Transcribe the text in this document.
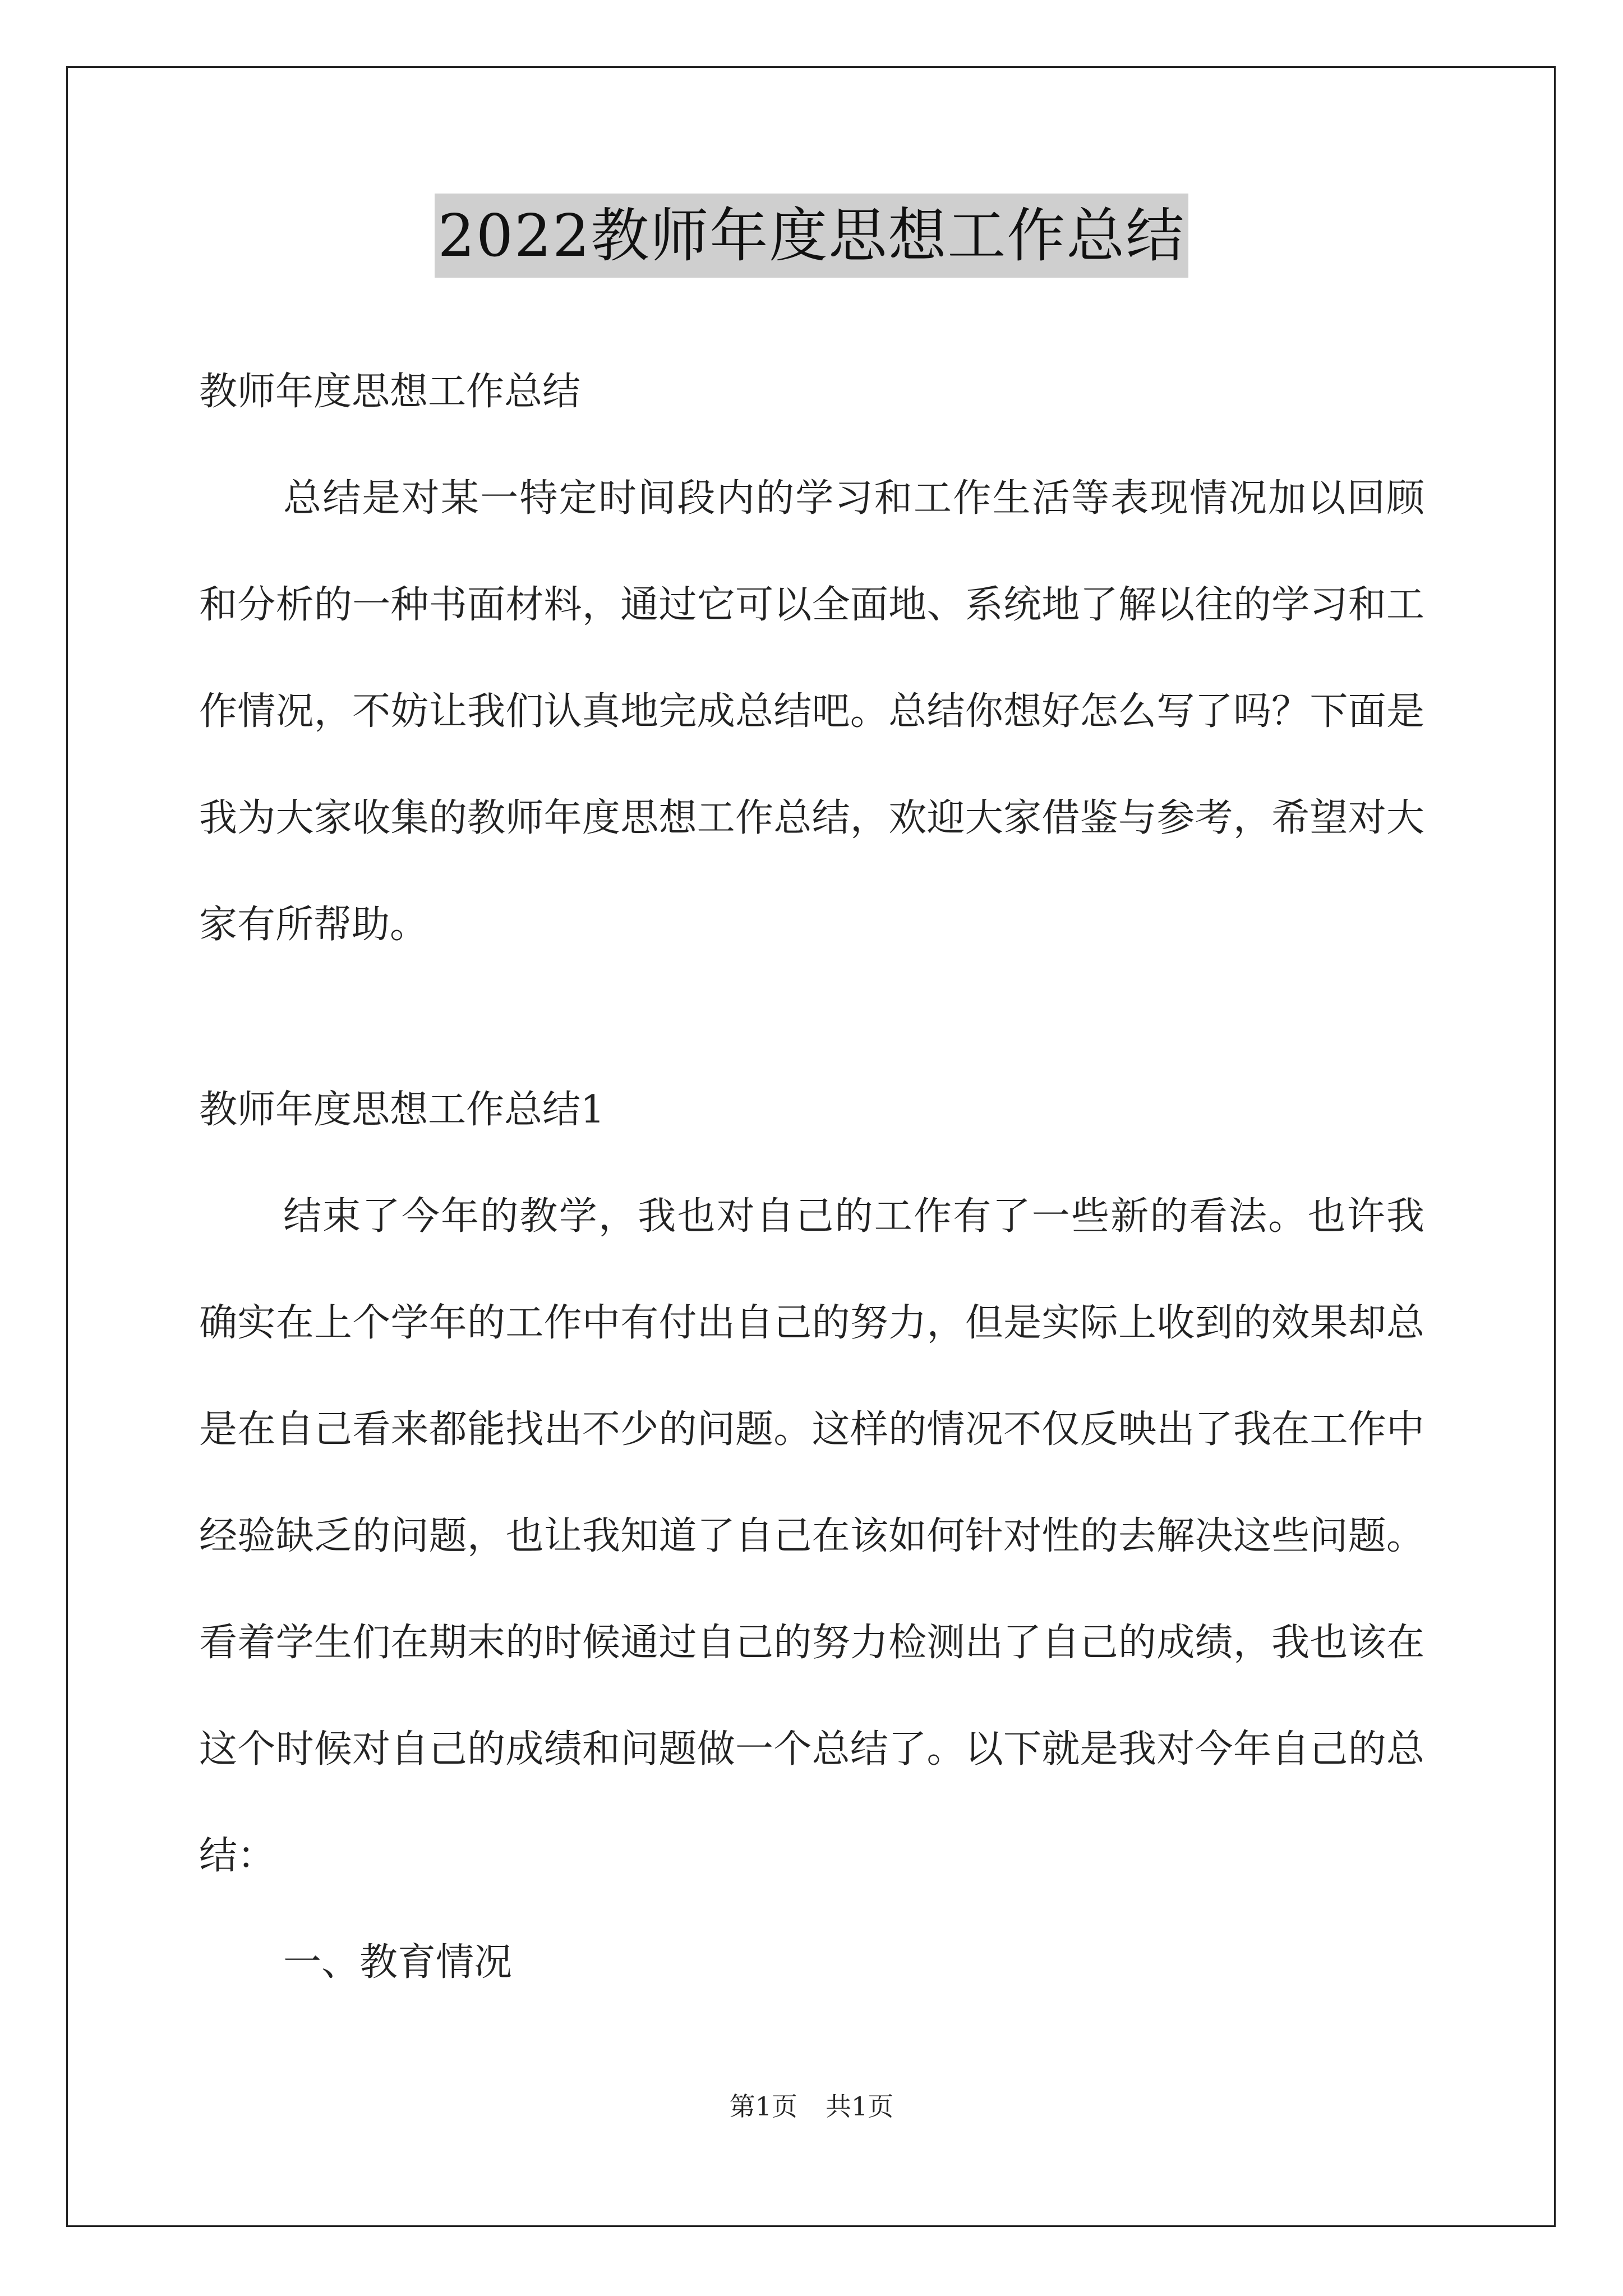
2022教师年度思想工作总结

教师年度思想工作总结

总结是对某一特定时间段内的学习和工作生活等表现情况加以回顾和分析的一种书面材料，通过它可以全面地、系统地了解以往的学习和工作情况，不妨让我们认真地完成总结吧。总结你想好怎么写了吗？下面是我为大家收集的教师年度思想工作总结，欢迎大家借鉴与参考，希望对大家有所帮助。

教师年度思想工作总结1

结束了今年的教学，我也对自己的工作有了一些新的看法。也许我确实在上个学年的工作中有付出自己的努力，但是实际上收到的效果却总是在自己看来都能找出不少的问题。这样的情况不仅反映出了我在工作中经验缺乏的问题，也让我知道了自己在该如何针对性的去解决这些问题。看着学生们在期末的时候通过自己的努力检测出了自己的成绩，我也该在这个时候对自己的成绩和问题做一个总结了。以下就是我对今年自己的总结：

一、教育情况

第1页 共1页
